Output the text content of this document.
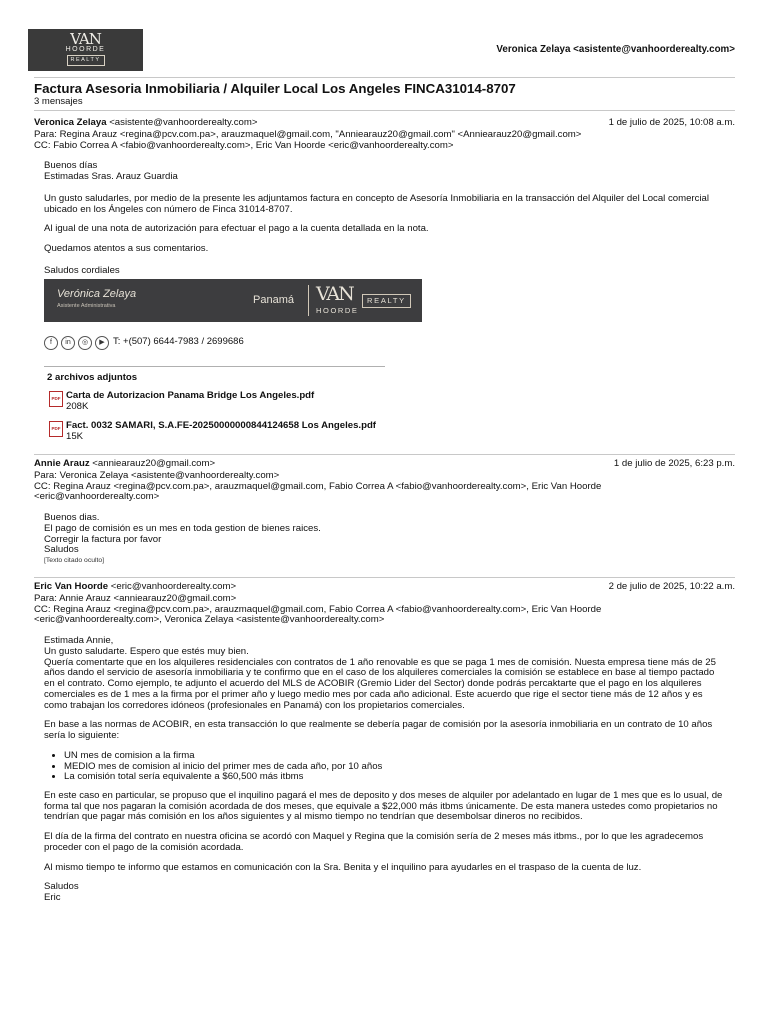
VAN
HOORDE
REALTY
Veronica Zelaya <asistente@vanhoorderealty.com>
Factura Asesoria Inmobiliaria / Alquiler Local Los Angeles FINCA31014-8707
3 mensajes
Veronica Zelaya <asistente@vanhoorderealty.com>	1 de julio de 2025, 10:08 a.m.
Para: Regina Arauz <regina@pcv.com.pa>, arauzmaquel@gmail.com, "Anniearauz20@gmail.com" <Anniearauz20@gmail.com>
CC: Fabio Correa A <fabio@vanhoorderealty.com>, Eric Van Hoorde <eric@vanhoorderealty.com>
Buenos días
Estimadas Sras. Arauz Guardia

Un gusto saludarles, por medio de la presente les adjuntamos factura en concepto de Asesoría Inmobiliaria en la transacción del Alquiler del Local comercial ubicado en los Ángeles con número de Finca 31014-8707.

Al igual de una nota de autorización para efectuar el pago a la cuenta detallada en la nota.

Quedamos atentos a sus comentarios.

Saludos cordiales
Verónica Zelaya
Asistente Administrativa	Panamá VAN
HOORDE
REALTY
f	in	◎	▶ T: +(507) 6644-7983 / 2699686
2 archivos adjuntos
PDF Carta de Autorizacion Panama Bridge Los Angeles.pdf
208K
PDF Fact. 0032 SAMARI, S.A.FE-20250000000844124658 Los Angeles.pdf
15K
Annie Arauz <anniearauz20@gmail.com>	1 de julio de 2025, 6:23 p.m.
Para: Veronica Zelaya <asistente@vanhoorderealty.com>
CC: Regina Arauz <regina@pcv.com.pa>, arauzmaquel@gmail.com, Fabio Correa A <fabio@vanhoorderealty.com>, Eric Van Hoorde <eric@vanhoorderealty.com>
Buenos dias.
El pago de comisión es un mes en toda gestion de bienes raices.
Corregir la factura por favor
Saludos
[Texto citado oculto]
Eric Van Hoorde <eric@vanhoorderealty.com>	2 de julio de 2025, 10:22 a.m.
Para: Annie Arauz <anniearauz20@gmail.com>
CC: Regina Arauz <regina@pcv.com.pa>, arauzmaquel@gmail.com, Fabio Correa A <fabio@vanhoorderealty.com>, Eric Van Hoorde <eric@vanhoorderealty.com>, Veronica Zelaya <asistente@vanhoorderealty.com>
Estimada Annie,
Un gusto saludarte. Espero que estés muy bien.

Quería comentarte que en los alquileres residenciales con contratos de 1 año renovable es que se paga 1 mes de comisión. Nuesta empresa tiene más de 25 años dando el servicio de asesoría inmobiliaria y te confirmo que en el caso de los alquileres comerciales la comisión se establece en base al tiempo pactado en el contrato. Como ejemplo, te adjunto el acuerdo del MLS de ACOBIR (Gremio Lider del Sector) donde podrás percaktarte que el pago en los alquileres comerciales es de 1 mes a la firma por el primer año y luego medio mes por cada año adicional. Este acuerdo que rige el sector tiene más de 12 años y es como trabajan los corredores idóneos (profesionales en Panamá) con los propietarios comerciales.

En base a las normas de ACOBIR, en esta transacción lo que realmente se debería pagar de comisión por la asesoría inmobiliaria en un contrato de 10 años sería lo siguiente:

• UN mes de comision a la firma
• MEDIO mes de comision al inicio del primer mes de cada año, por 10 años
• La comisión total sería equivalente a $60,500 más itbms

En este caso en particular, se propuso que el inquilino pagará el mes de deposito y dos meses de alquiler por adelantado en lugar de 1 mes que es lo usual, de forma tal que nos pagaran la comisión acordada de dos meses, que equivale a $22,000 más itbms únicamente. De esta manera ustedes como propietarios no tendrían que pagar más comisión en los años siguientes y al mismo tiempo no tendrían que desembolsar dineros no recibidos.

El día de la firma del contrato en nuestra oficina se acordó con Maquel y Regina que la comisión sería de 2 meses más itbms., por lo que les agradecemos proceder con el pago de la comisión acordada.

Al mismo tiempo te informo que estamos en comunicación con la Sra. Benita y el inquilino para ayudarles en el traspaso de la cuenta de luz.

Saludos
Eric
